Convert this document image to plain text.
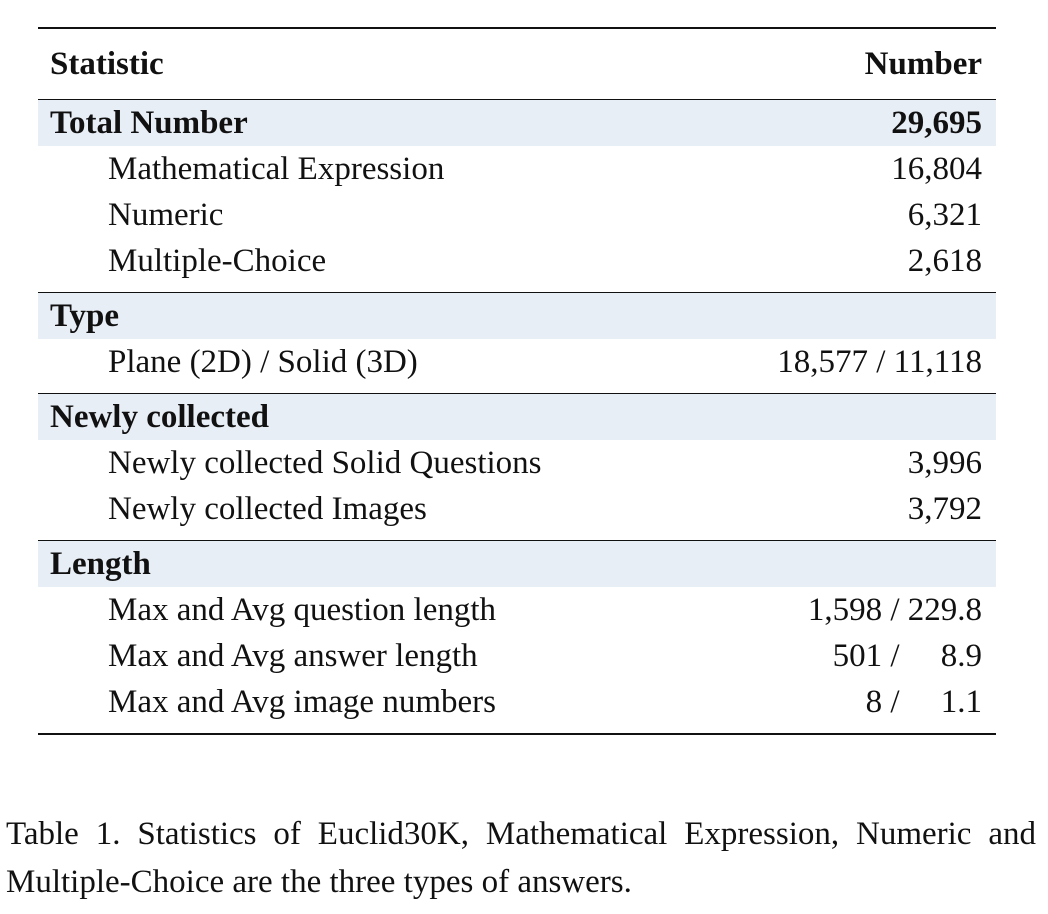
Statistic	Number
Total Number	29,695
Mathematical Expression	16,804
Numeric	6,321
Multiple-Choice	2,618

Type	
Plane (2D) / Solid (3D)	18,577 / 11,118

Newly collected	
Newly collected Solid Questions	3,996
Newly collected Images	3,792

Length	
Max and Avg question length	1,598 / 229.8
Max and Avg answer length	501 /  8.9
Max and Avg image numbers	8 /  1.1

Table 1. Statistics of Euclid30K, Mathematical Expression, Numeric and Multiple-Choice are the three types of answers.
